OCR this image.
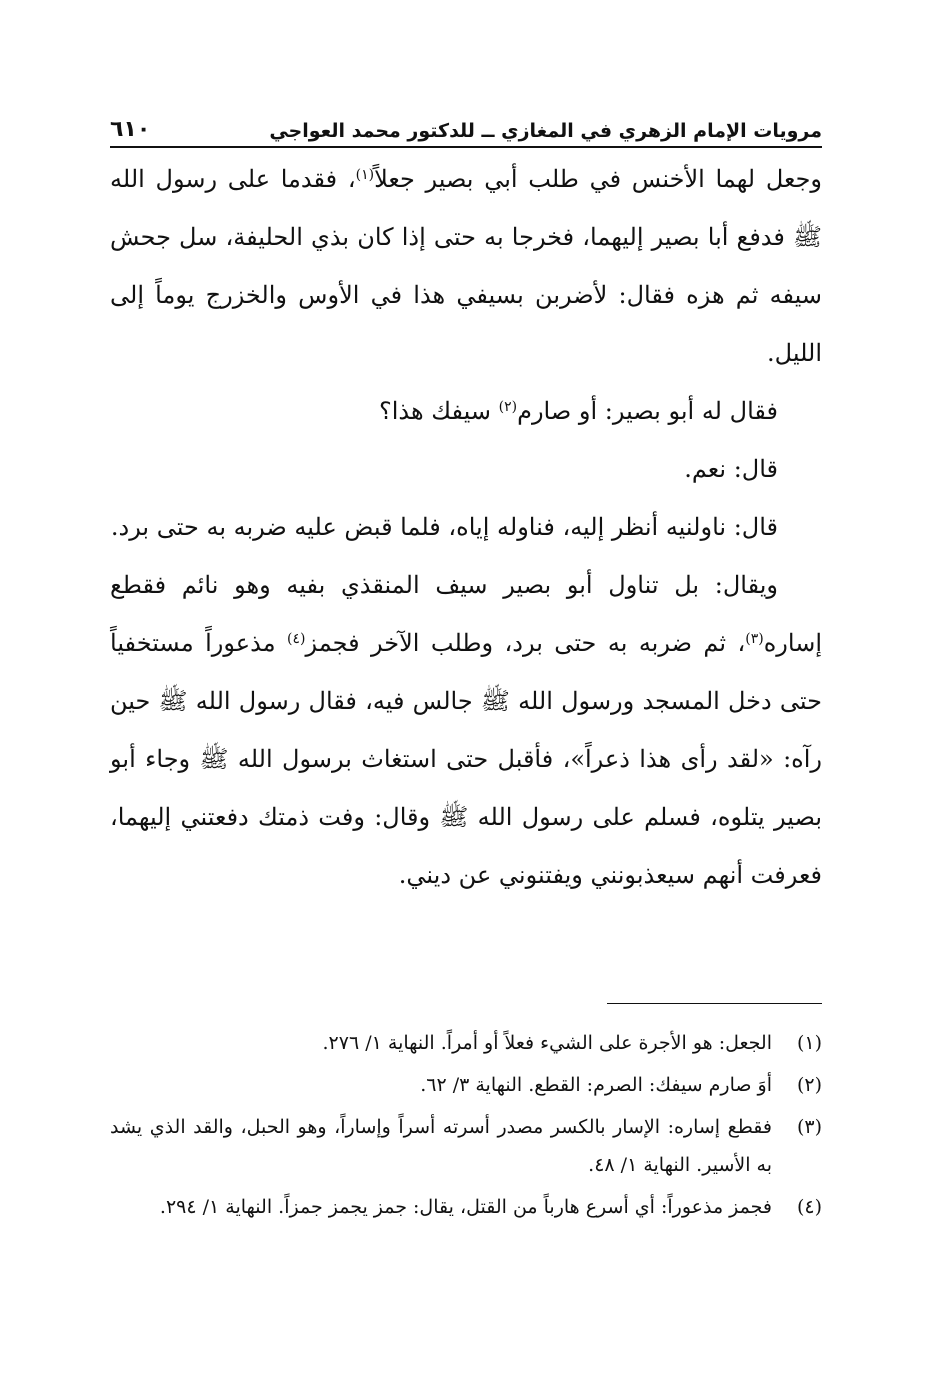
مرويات الإمام الزهري في المغازي ــ للدكتور محمد العواجي
٦١٠

وجعل لهما الأخنس في طلب أبي بصير جعلاً$^{(١)}$، فقدما على رسول الله ﷺ فدفع أبا بصير إليهما، فخرجا به حتى إذا كان بذي الحليفة، سل جحش سيفه ثم هزه فقال: لأضربن بسيفي هذا في الأوس والخزرج يوماً إلى الليل.

فقال له أبو بصير: أو صارم$^{(٢)}$ سيفك هذا؟

قال: نعم.

قال: ناولنيه أنظر إليه، فناوله إياه، فلما قبض عليه ضربه به حتى برد.

ويقال: بل تناول أبو بصير سيف المنقذي بفيه وهو نائم فقطع إساره$^{(٣)}$، ثم ضربه به حتى برد، وطلب الآخر فجمز$^{(٤)}$ مذعوراً مستخفياً حتى دخل المسجد ورسول الله ﷺ جالس فيه، فقال رسول الله ﷺ حين رآه: «لقد رأى هذا ذعراً»، فأقبل حتى استغاث برسول الله ﷺ وجاء أبو بصير يتلوه، فسلم على رسول الله ﷺ وقال: وفت ذمتك دفعتني إليهما، فعرفت أنهم سيعذبونني ويفتنوني عن ديني.

(١)
الجعل: هو الأجرة على الشيء فعلاً أو أمراً. النهاية ١/ ٢٧٦.
(٢)
أوَ صارم سيفك: الصرم: القطع. النهاية ٣/ ٦٢.
(٣)
فقطع إساره: الإسار بالكسر مصدر أسرته أسراً وإساراً، وهو الحبل، والقد الذي يشد به الأسير. النهاية ١/ ٤٨.
(٤)
فجمز مذعوراً: أي أسرع هارباً من القتل، يقال: جمز يجمز جمزاً. النهاية ١/ ٢٩٤.
